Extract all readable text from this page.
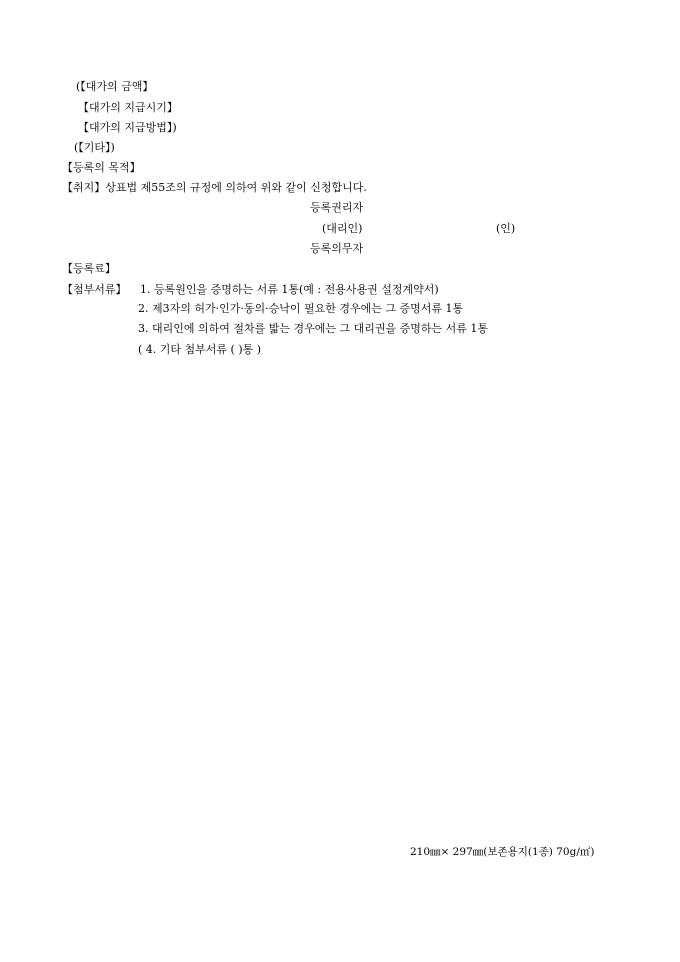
(【대가의 금액】
【대가의 지급시기】
【대가의 지급방법】)
(【기타】)
【등록의 목적】
【취지】상표법 제55조의 규정에 의하여 위와 같이 신청합니다.
등록권리자
(대리인)	(인)
등록의무자
【등록료】
【첨부서류】 1. 등록원인을 증명하는 서류 1통(예 : 전용사용권 설정계약서)
2. 제3자의 허가·인가·동의·승낙이 필요한 경우에는 그 증명서류 1통
3. 대리인에 의하여 절차를 밟는 경우에는 그 대리권을 증명하는 서류 1통
( 4. 기타 첨부서류 ( )통 )
210㎜× 297㎜(보존용지(1종) 70g/㎡)
